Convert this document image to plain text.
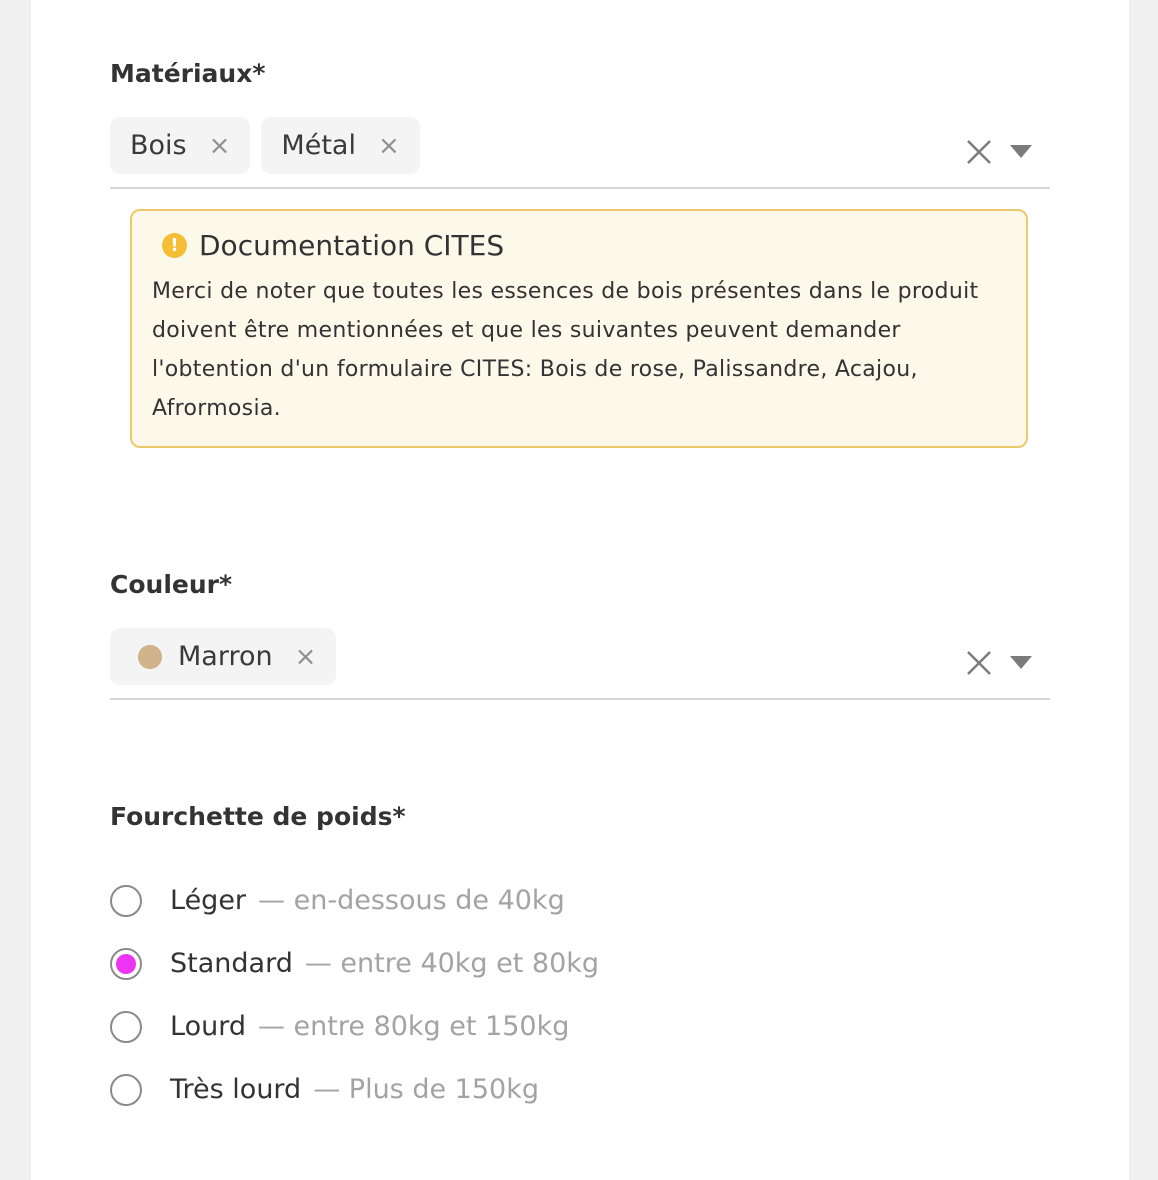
Matériaux*
Bois × Métal ×
! Documentation CITES
Merci de noter que toutes les essences de bois présentes dans le produit doivent être mentionnées et que les suivantes peuvent demander l'obtention d'un formulaire CITES: Bois de rose, Palissandre, Acajou, Afrormosia.
Couleur*
Marron ×
Fourchette de poids*
Léger — en-dessous de 40kg
Standard — entre 40kg et 80kg
Lourd — entre 80kg et 150kg
Très lourd — Plus de 150kg
